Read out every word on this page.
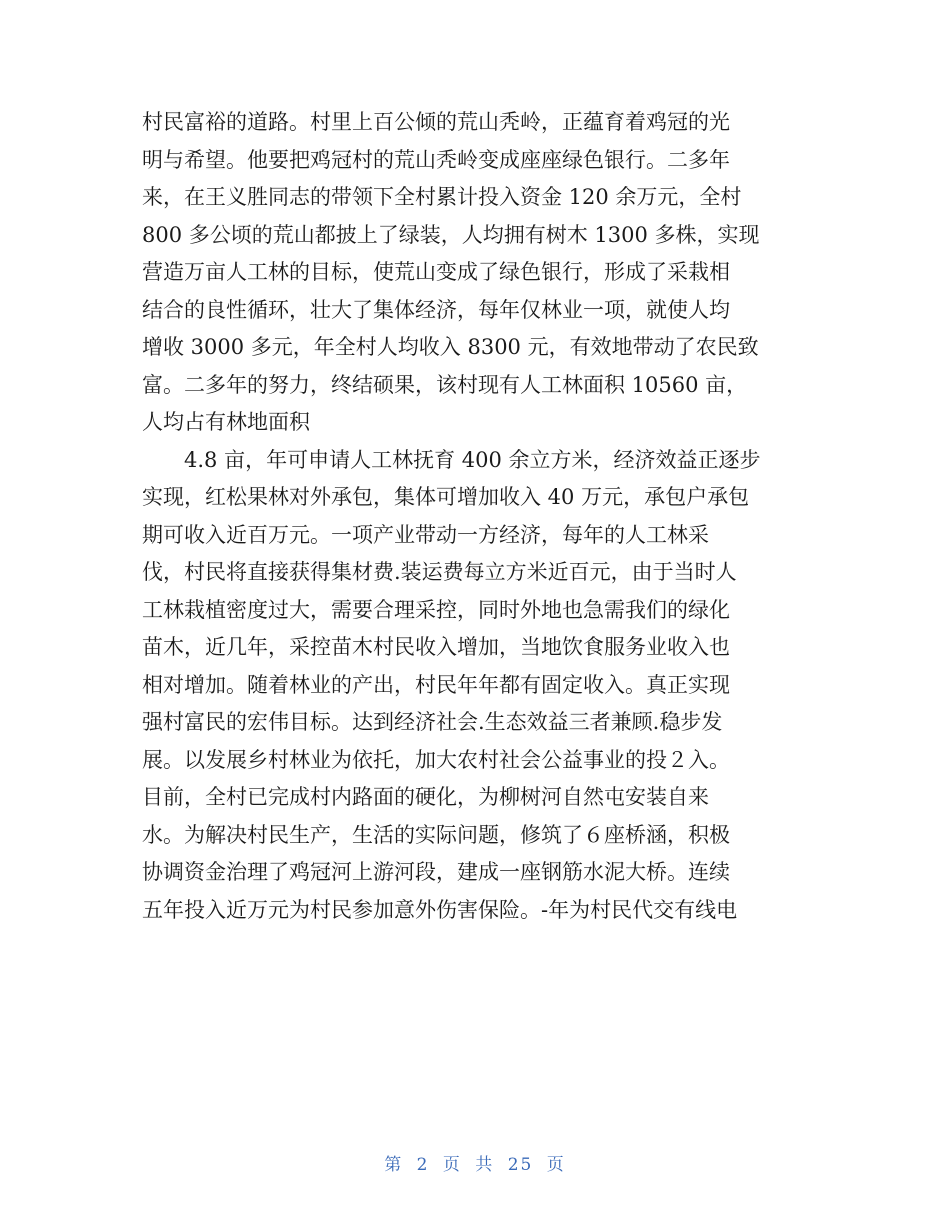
村民富裕的道路。村里上百公倾的荒山秃岭，正蕴育着鸡冠的光
明与希望。他要把鸡冠村的荒山秃岭变成座座绿色银行。二多年
来，在王义胜同志的带领下全村累计投入资金 120 余万元，全村
800 多公顷的荒山都披上了绿装，人均拥有树木 1300 多株，实现
营造万亩人工林的目标，使荒山变成了绿色银行，形成了采栽相
结合的良性循环，壮大了集体经济，每年仅林业一项，就使人均
增收 3000 多元，年全村人均收入 8300 元，有效地带动了农民致
富。二多年的努力，终结硕果，该村现有人工林面积 10560 亩，
人均占有林地面积
4.8 亩，年可申请人工林抚育 400 余立方米，经济效益正逐步
实现，红松果林对外承包，集体可增加收入 40 万元，承包户承包
期可收入近百万元。一项产业带动一方经济，每年的人工林采
伐，村民将直接获得集材费.装运费每立方米近百元，由于当时人
工林栽植密度过大，需要合理采控，同时外地也急需我们的绿化
苗木，近几年，采控苗木村民收入增加，当地饮食服务业收入也
相对增加。随着林业的产出，村民年年都有固定收入。真正实现
强村富民的宏伟目标。达到经济社会.生态效益三者兼顾.稳步发
展。以发展乡村林业为依托，加大农村社会公益事业的投２入。
目前，全村已完成村内路面的硬化，为柳树河自然屯安装自来
水。为解决村民生产，生活的实际问题，修筑了６座桥涵，积极
协调资金治理了鸡冠河上游河段，建成一座钢筋水泥大桥。连续
五年投入近万元为村民参加意外伤害保险。-年为村民代交有线电
第 2 页 共 25 页
